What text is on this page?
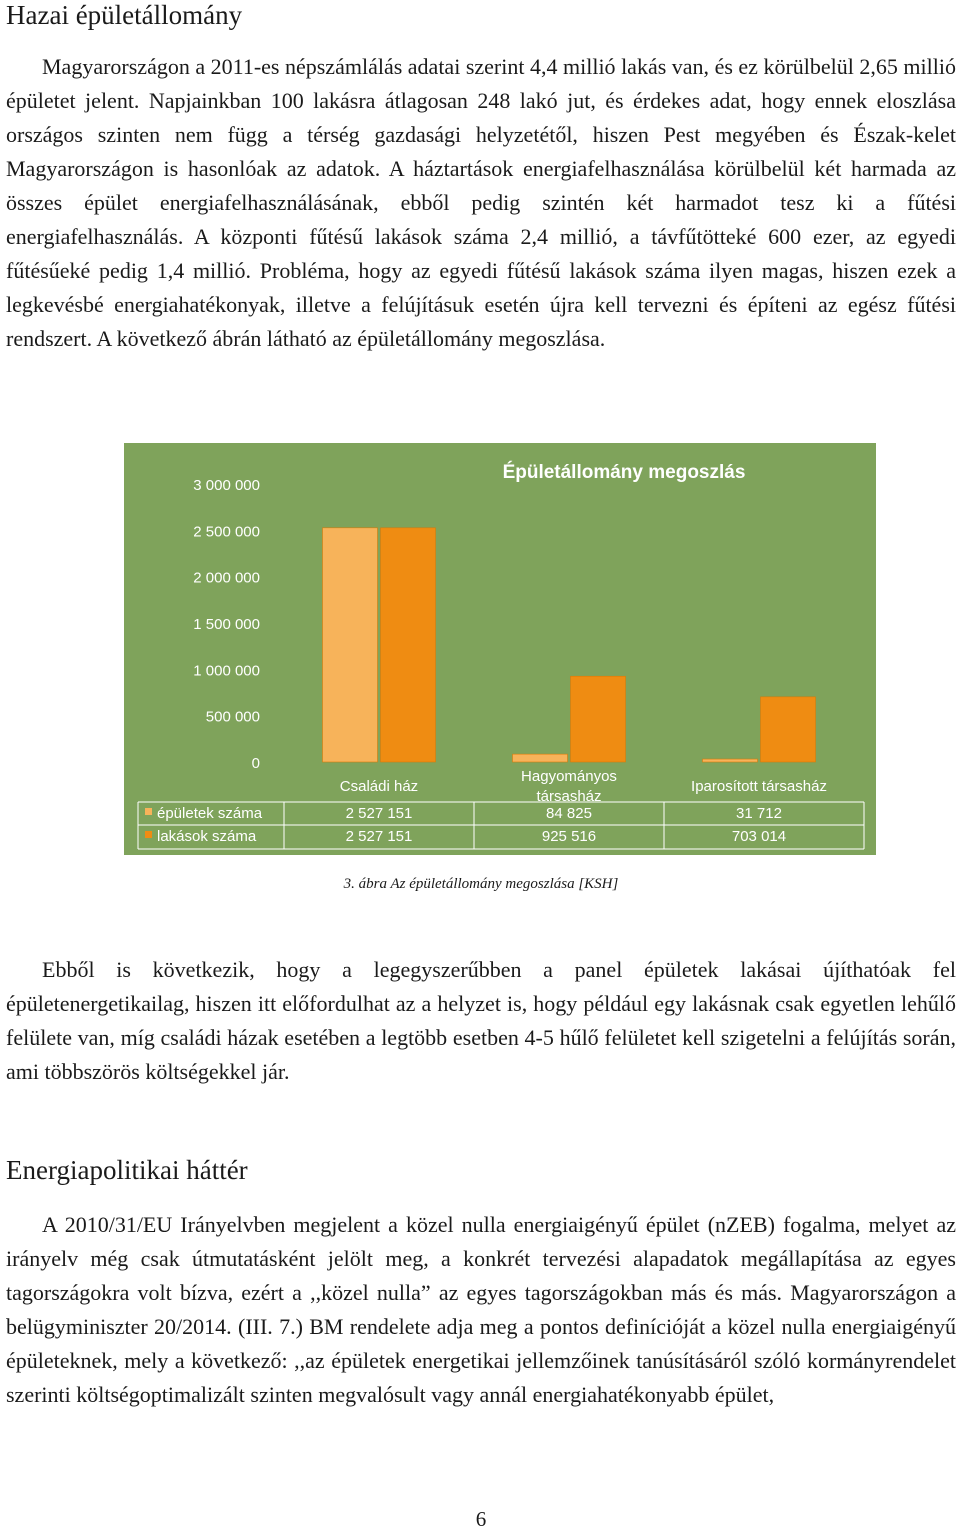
Hazai épületállomány

Magyarországon a 2011-es népszámlálás adatai szerint 4,4 millió lakás van, és ez körülbelül 2,65 millió épületet jelent. Napjainkban 100 lakásra átlagosan 248 lakó jut, és érdekes adat, hogy ennek eloszlása országos szinten nem függ a térség gazdasági helyzetétől, hiszen Pest megyében és Észak-kelet Magyarországon is hasonlóak az adatok. A háztartások energiafelhasználása körülbelül két harmada az összes épület energiafelhasználásának, ebből pedig szintén két harmadot tesz ki a fűtési energiafelhasználás. A központi fűtésű lakások száma 2,4 millió, a távfűtötteké 600 ezer, az egyedi fűtésűeké pedig 1,4 millió. Probléma, hogy az egyedi fűtésű lakások száma ilyen magas, hiszen ezek a legkevésbé energiahatékonyak, illetve a felújításuk esetén újra kell tervezni és építeni az egész fűtési rendszert. A következő ábrán látható az épületállomány megoszlása.

Épületállomány megoszlás
0
500 000
1 000 000
1 500 000
2 000 000
2 500 000
3 000 000
Családi ház
Hagyományos
társasház
Iparosított társasház
épületek száma	2 527 151	84 825	31 712
lakások száma	2 527 151	925 516	703 014
3. ábra Az épületállomány megoszlása [KSH]

Ebből is következik, hogy a legegyszerűbben a panel épületek lakásai újíthatóak fel épületenergetikailag, hiszen itt előfordulhat az a helyzet is, hogy például egy lakásnak csak egyetlen lehűlő felülete van, míg családi házak esetében a legtöbb esetben 4-5 hűlő felületet kell szigetelni a felújítás során, ami többszörös költségekkel jár.

Energiapolitikai háttér

A 2010/31/EU Irányelvben megjelent a közel nulla energiaigényű épület (nZEB) fogalma, melyet az irányelv még csak útmutatásként jelölt meg, a konkrét tervezési alapadatok megállapítása az egyes tagországokra volt bízva, ezért a ,,közel nulla” az egyes tagországokban más és más. Magyarországon a belügyminiszter 20/2014. (III. 7.) BM rendelete adja meg a pontos definícióját a közel nulla energiaigényű épületeknek, mely a következő: ,,az épületek energetikai jellemzőinek tanúsításáról szóló kormányrendelet szerinti költségoptimalizált szinten megvalósult vagy annál energiahatékonyabb épület,

6
